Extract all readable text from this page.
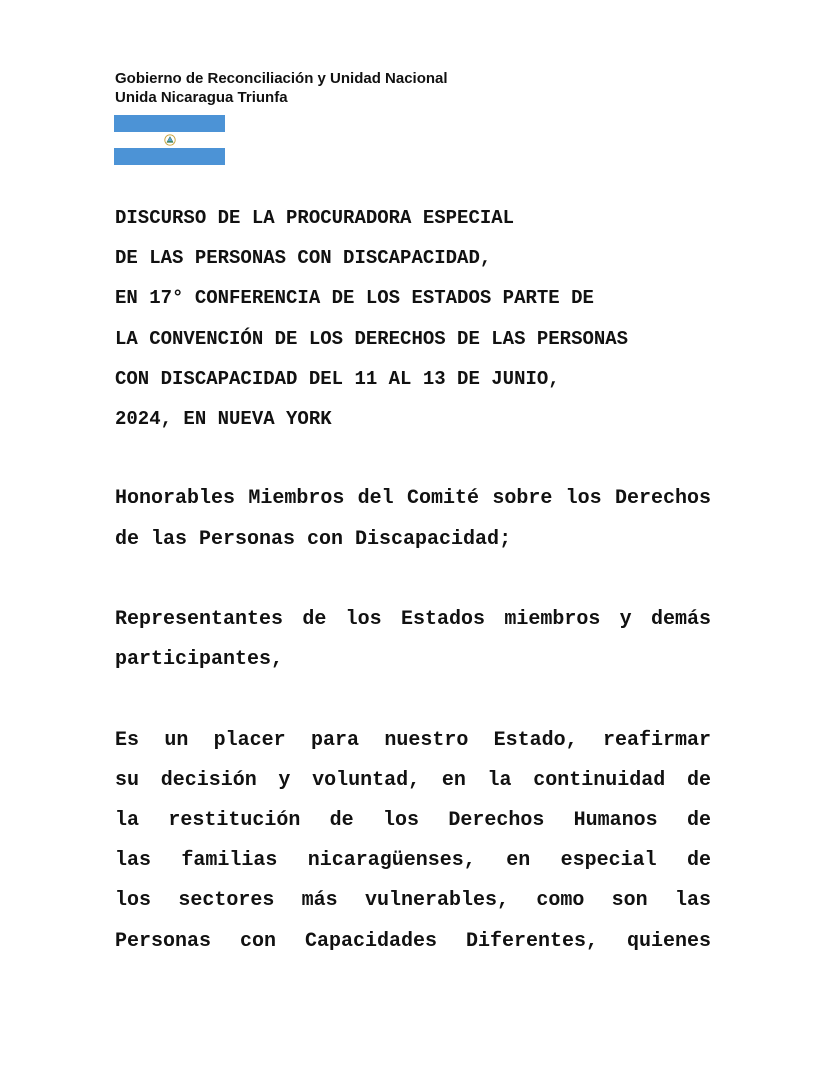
Gobierno de Reconciliación y Unidad Nacional
Unida Nicaragua Triunfa
DISCURSO DE LA PROCURADORA ESPECIAL
DE LAS PERSONAS CON DISCAPACIDAD,
EN 17° CONFERENCIA DE LOS ESTADOS PARTE DE
LA CONVENCIÓN DE LOS DERECHOS DE LAS PERSONAS
CON DISCAPACIDAD DEL 11 AL 13 DE JUNIO,
2024, EN NUEVA YORK
Honorables Miembros del Comité sobre los Derechos
de las Personas con Discapacidad;
Representantes de los Estados miembros y demás
participantes,
Es un placer para nuestro Estado, reafirmar
su decisión y voluntad, en la continuidad de
la restitución de los Derechos Humanos de
las familias nicaragüenses, en especial de
los sectores más vulnerables, como son las
Personas con Capacidades Diferentes, quienes
